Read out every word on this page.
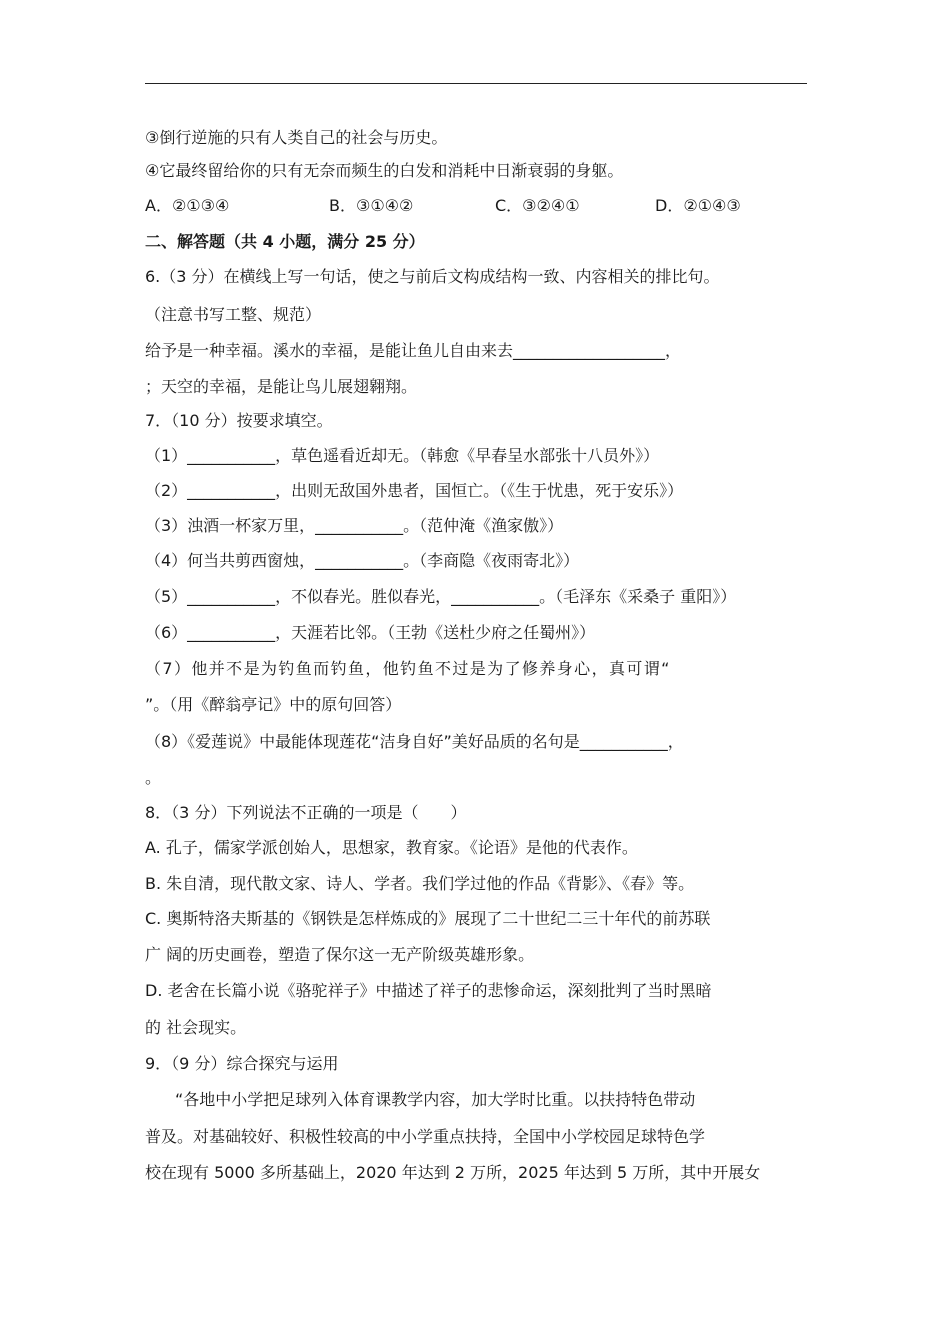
③倒行逆施的只有人类自己的社会与历史。
④它最终留给你的只有无奈而频生的白发和消耗中日渐衰弱的身躯。
A．②①③④	B．③①④②	C．③②④①	D．②①④③
二、解答题（共 4 小题，满分 25 分）
6.（3 分）在横线上写一句话，使之与前后文构成结构一致、内容相关的排比句。
（注意书写工整、规范）
给予是一种幸福。溪水的幸福，是能让鱼儿自由来去___________________，
；天空的幸福，是能让鸟儿展翅翱翔。
7．（10 分）按要求填空。
（1）___________，草色遥看近却无。（韩愈《早春呈水部张十八员外》）
（2）___________，出则无敌国外患者，国恒亡。（《生于忧患，死于安乐》）
（3）浊酒一杯家万里，___________。（范仲淹《渔家傲》）
（4）何当共剪西窗烛，___________。（李商隐《夜雨寄北》）
（5）___________，不似春光。胜似春光，___________。（毛泽东《采桑子 重阳》）
（6）___________，天涯若比邻。（王勃《送杜少府之任蜀州》）
（7）他并不是为钓鱼而钓鱼，他钓鱼不过是为了修养身心，真可谓“
”。（用《醉翁亭记》中的原句回答）
（8）《爱莲说》中最能体现莲花“洁身自好”美好品质的名句是___________，
。
8．（3 分）下列说法不正确的一项是（　　）
A. 孔子，儒家学派创始人，思想家，教育家。《论语》是他的代表作。
B. 朱自清，现代散文家、诗人、学者。我们学过他的作品《背影》、《春》等。
C. 奥斯特洛夫斯基的《钢铁是怎样炼成的》展现了二十世纪二三十年代的前苏联
广 阔的历史画卷，塑造了保尔这一无产阶级英雄形象。
D. 老舍在长篇小说《骆驼祥子》中描述了祥子的悲惨命运，深刻批判了当时黑暗
的 社会现实。
9．（9 分）综合探究与运用
“各地中小学把足球列入体育课教学内容，加大学时比重。以扶持特色带动
普及。对基础较好、积极性较高的中小学重点扶持，全国中小学校园足球特色学
校在现有 5000 多所基础上，2020 年达到 2 万所，2025 年达到 5 万所，其中开展女
